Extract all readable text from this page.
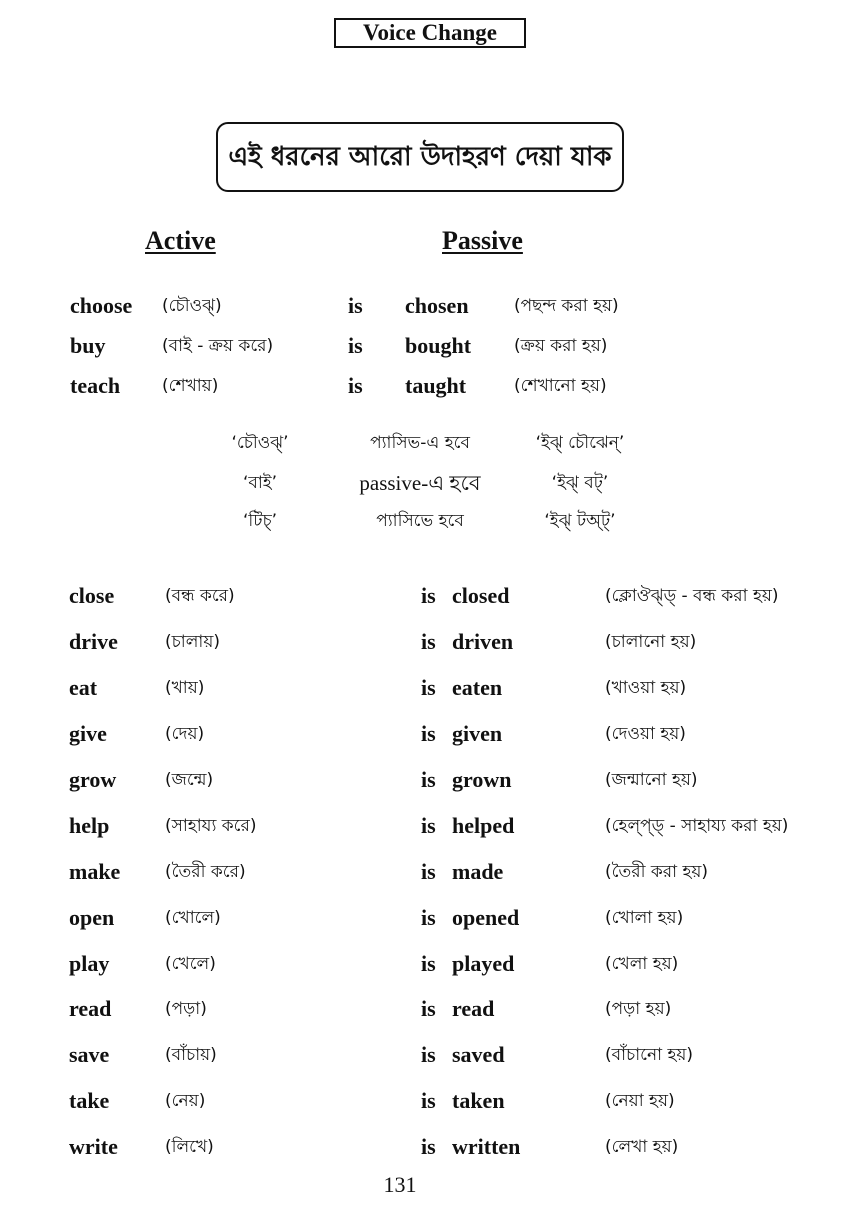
Voice Change
এই ধরনের আরো উদাহরণ দেয়া যাক
Active	Passive
choose (চৌওঝ্‌)	is chosen	(পছন্দ করা হয়)
buy	(বাই - ক্রয় করে)	is bought	(ক্রয় করা হয়)
teach (শেখায়)	is taught	(শেখানো হয়)
‘চৌওঝ্‌’	প্যাসিভ-এ হবে	‘ইঝ্‌ চৌঝেন্‌’
‘বাই’	passive-এ হবে	‘ইঝ্‌ বট্‌’
‘টিচ্‌’	প্যাসিভে হবে	‘ইঝ্‌ টঅ্‌ট্‌’
close	(বন্ধ করে)	is closed	(ক্লোঔঝ্‌ড্‌ - বন্ধ করা হয়)
drive	(চালায়)	is driven	(চালানো হয়)
eat	(খায়)	is eaten	(খাওয়া হয়)
give	(দেয়)	is given	(দেওয়া হয়)
grow	(জন্মে)	is grown	(জন্মানো হয়)
help	(সাহায্য করে)	is helped	(হেল্‌প্‌ড্‌ - সাহায্য করা হয়)
make	(তৈরী করে)	is made	(তৈরী করা হয়)
open	(খোলে)	is opened	(খোলা হয়)
play	(খেলে)	is played	(খেলা হয়)
read	(পড়া)	is read	(পড়া হয়)
save	(বাঁচায়)	is saved	(বাঁচানো হয়)
take	(নেয়)	is taken	(নেয়া হয়)
write	(লিখে)	is written	(লেখা হয়)
131
